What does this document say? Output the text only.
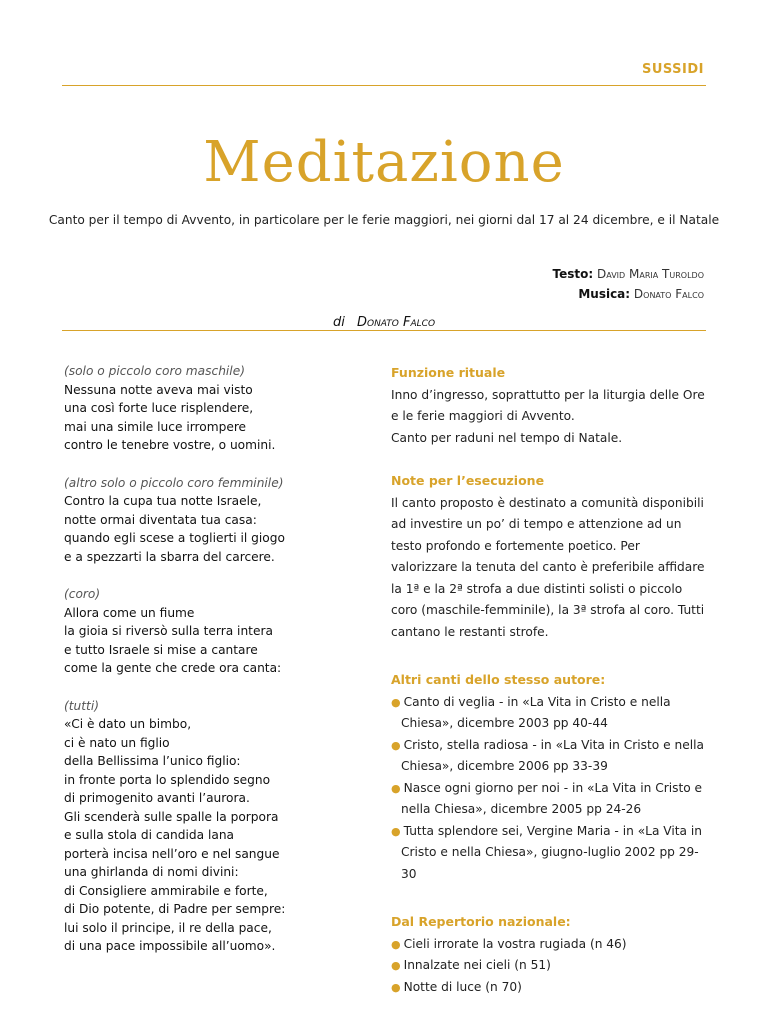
SUSSIDI
Meditazione
Canto per il tempo di Avvento, in particolare per le ferie maggiori, nei giorni dal 17 al 24 dicembre, e il Natale
Testo: David Maria Turoldo
Musica: Donato Falco
di Donato Falco
(solo o piccolo coro maschile)
Nessuna notte aveva mai visto
una così forte luce risplendere,
mai una simile luce irrompere
contro le tenebre vostre, o uomini.
(altro solo o piccolo coro femminile)
Contro la cupa tua notte Israele,
notte ormai diventata tua casa:
quando egli scese a toglierti il giogo
e a spezzarti la sbarra del carcere.
(coro)
Allora come un fiume
la gioia si riversò sulla terra intera
e tutto Israele si mise a cantare
come la gente che crede ora canta:
(tutti)
«Ci è dato un bimbo,
ci è nato un figlio
della Bellissima l’unico figlio:
in fronte porta lo splendido segno
di primogenito avanti l’aurora.
Gli scenderà sulle spalle la porpora
e sulla stola di candida lana
porterà incisa nell’oro e nel sangue
una ghirlanda di nomi divini:
di Consigliere ammirabile e forte,
di Dio potente, di Padre per sempre:
lui solo il principe, il re della pace,
di una pace impossibile all’uomo».
Funzione rituale

Inno d’ingresso, soprattutto per la liturgia delle Ore e le ferie maggiori di Avvento.

Canto per raduni nel tempo di Natale.

Note per l’esecuzione

Il canto proposto è destinato a comunità disponibili ad investire un po’ di tempo e attenzione ad un testo profondo e fortemente poetico. Per valorizzare la tenuta del canto è preferibile affidare la 1ª e la 2ª strofa a due distinti solisti o piccolo coro (maschile-femminile), la 3ª strofa al coro. Tutti cantano le restanti strofe.

Altri canti dello stesso autore:
● Canto di veglia - in «La Vita in Cristo e nella Chiesa», dicembre 2003 pp 40-44
● Cristo, stella radiosa - in «La Vita in Cristo e nella Chiesa», dicembre 2006 pp 33-39
● Nasce ogni giorno per noi - in «La Vita in Cristo e nella Chiesa», dicembre 2005 pp 24-26
● Tutta splendore sei, Vergine Maria - in «La Vita in Cristo e nella Chiesa», giugno-luglio 2002 pp 29-30
Dal Repertorio nazionale:
● Cieli irrorate la vostra rugiada (n 46)
● Innalzate nei cieli (n 51)
● Notte di luce (n 70)
